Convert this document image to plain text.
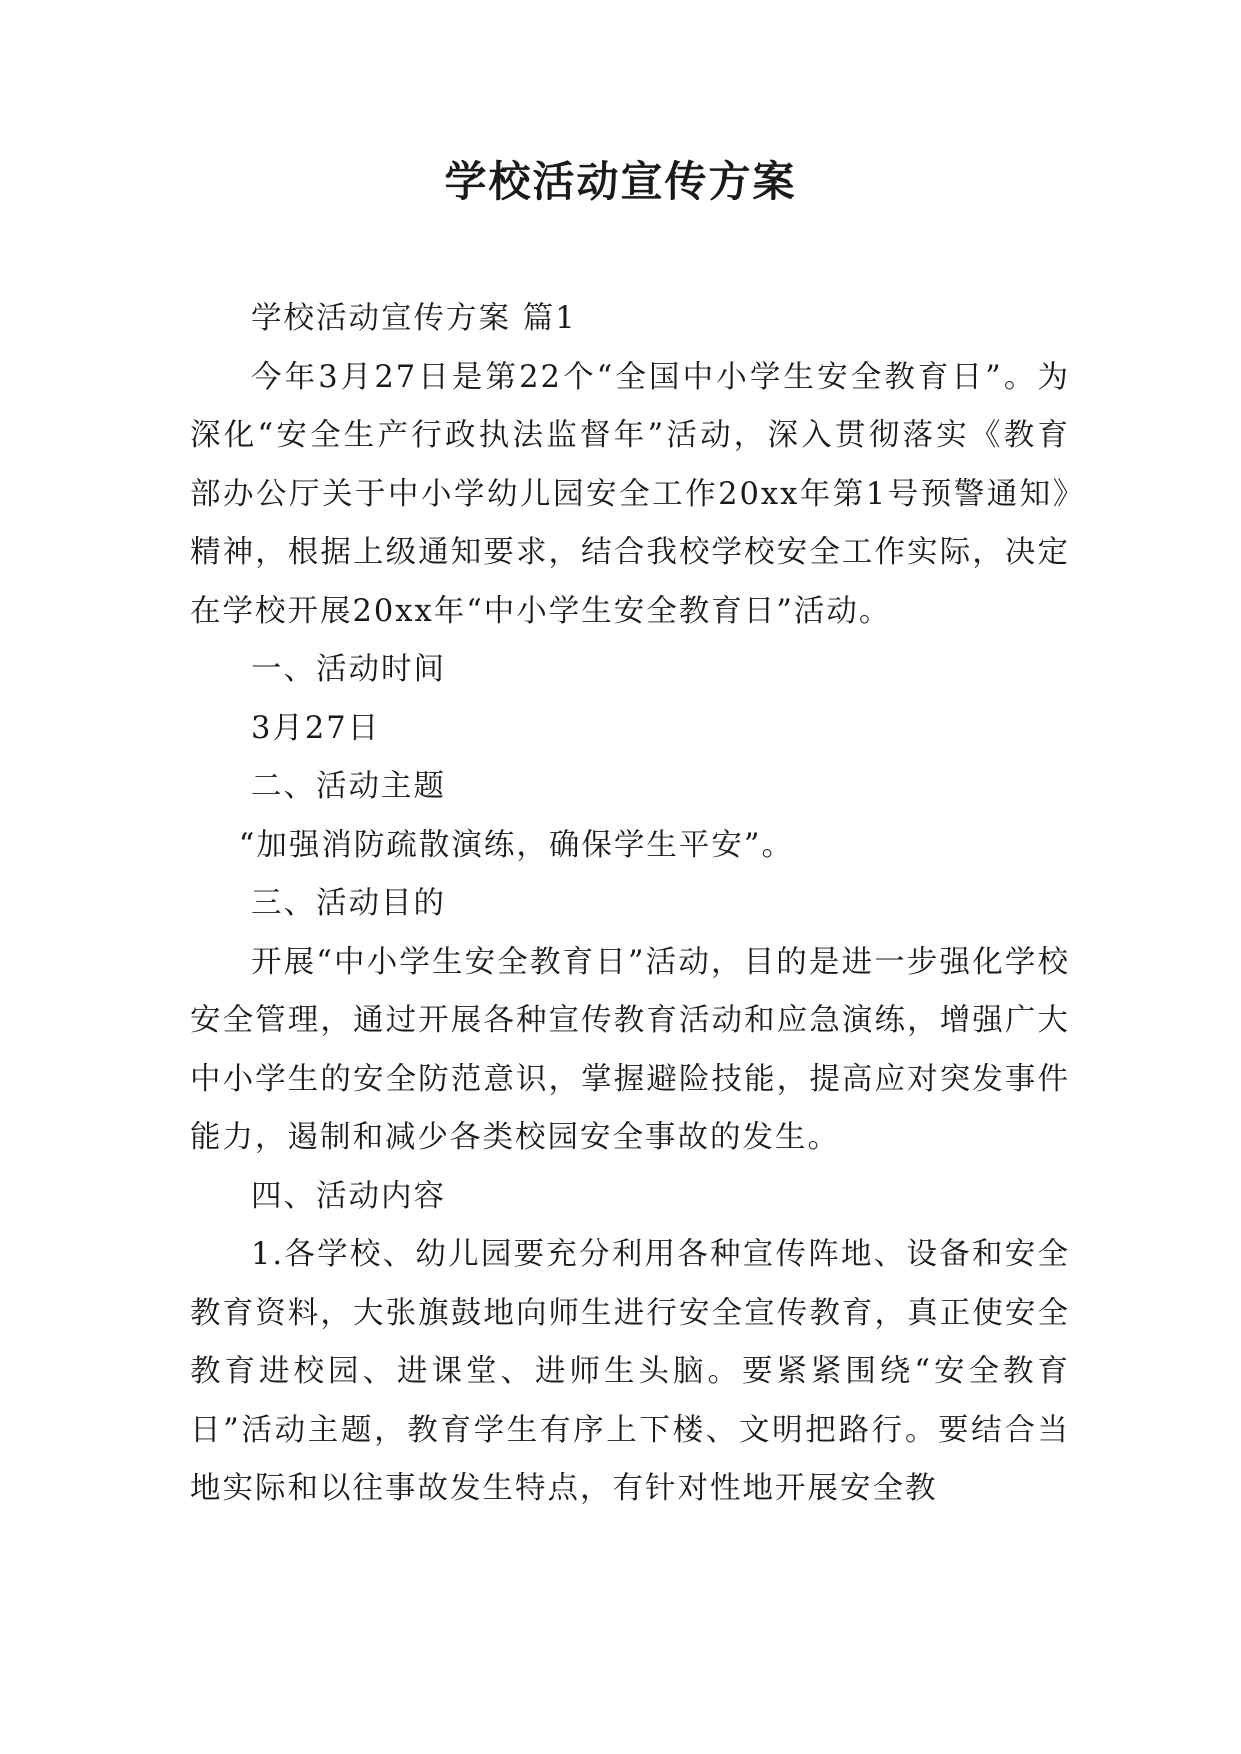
学校活动宣传方案

学校活动宣传方案 篇1

今年3月27日是第22个“全国中小学生安全教育日”。为深化“安全生产行政执法监督年”活动，深入贯彻落实《教育部办公厅关于中小学幼儿园安全工作20xx年第1号预警通知》精神，根据上级通知要求，结合我校学校安全工作实际，决定在学校开展20xx年“中小学生安全教育日”活动。

一、活动时间

3月27日

二、活动主题

“加强消防疏散演练，确保学生平安”。

三、活动目的

开展“中小学生安全教育日”活动，目的是进一步强化学校安全管理，通过开展各种宣传教育活动和应急演练，增强广大中小学生的安全防范意识，掌握避险技能，提高应对突发事件能力，遏制和减少各类校园安全事故的发生。

四、活动内容

1.各学校、幼儿园要充分利用各种宣传阵地、设备和安全教育资料，大张旗鼓地向师生进行安全宣传教育，真正使安全教育进校园、进课堂、进师生头脑。要紧紧围绕“安全教育日”活动主题，教育学生有序上下楼、文明把路行。要结合当地实际和以往事故发生特点，有针对性地开展安全教
